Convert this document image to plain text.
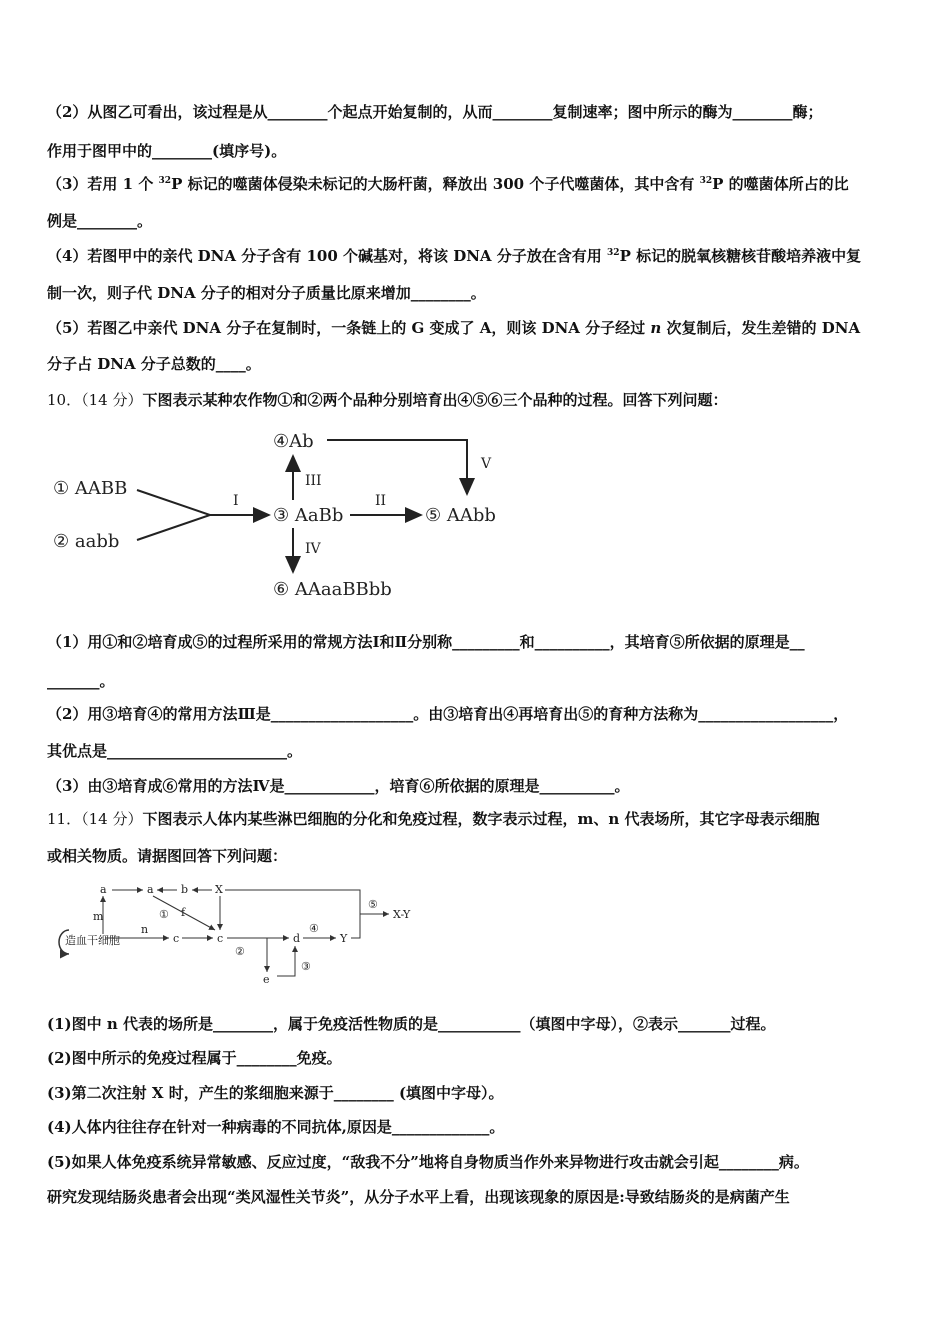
（2）从图乙可看出，该过程是从________个起点开始复制的，从而________复制速率；图中所示的酶为________酶；
作用于图甲中的________(填序号)。
（3）若用 1 个 $^{32}$P 标记的噬菌体侵染未标记的大肠杆菌，释放出 300 个子代噬菌体，其中含有 $^{32}$P 的噬菌体所占的比
例是________。
（4）若图甲中的亲代 DNA 分子含有 100 个碱基对，将该 DNA 分子放在含有用 $^{32}$P 标记的脱氧核糖核苷酸培养液中复
制一次，则子代 DNA 分子的相对分子质量比原来增加________。
（5）若图乙中亲代 DNA 分子在复制时，一条链上的 G 变成了 A，则该 DNA 分子经过 n 次复制后，发生差错的 DNA
分子占 DNA 分子总数的____。
10．（14 分）下图表示某种农作物①和②两个品种分别培育出④⑤⑥三个品种的过程。回答下列问题：
① AABB
② aabb
③ AaBb
④Ab
⑤ AAbb
⑥ AAaaBBbb
I	II
III
IV
V
（1）用①和②培育成⑤的过程所采用的常规方法Ⅰ和Ⅱ分别称_________和__________，其培育⑤所依据的原理是__
_______。
（2）用③培育④的常用方法Ⅲ是___________________。由③培育出④再培育出⑤的育种方法称为__________________，
其优点是________________________。
（3）由③培育成⑥常用的方法Ⅳ是____________，培育⑥所依据的原理是__________。
11．（14 分）下图表示人体内某些淋巴细胞的分化和免疫过程，数字表示过程，m、n 代表场所，其它字母表示细胞
或相关物质。请据图回答下列问题：
造血干细胞
m
a	a b X
① f
n
c	c
②
e
③
d
④
Y
⑤
X-Y
(1)图中 n 代表的场所是________，属于免疫活性物质的是___________（填图中字母），②表示_______过程。
(2)图中所示的免疫过程属于________免疫。
(3)第二次注射 X 时，产生的浆细胞来源于________ (填图中字母）。
(4)人体内往往存在针对一种病毒的不同抗体,原因是_____________。
(5)如果人体免疫系统异常敏感、反应过度，“敌我不分”地将自身物质当作外来异物进行攻击就会引起________病。
研究发现结肠炎患者会出现“类风湿性关节炎”，从分子水平上看，出现该现象的原因是:导致结肠炎的是病菌产生
